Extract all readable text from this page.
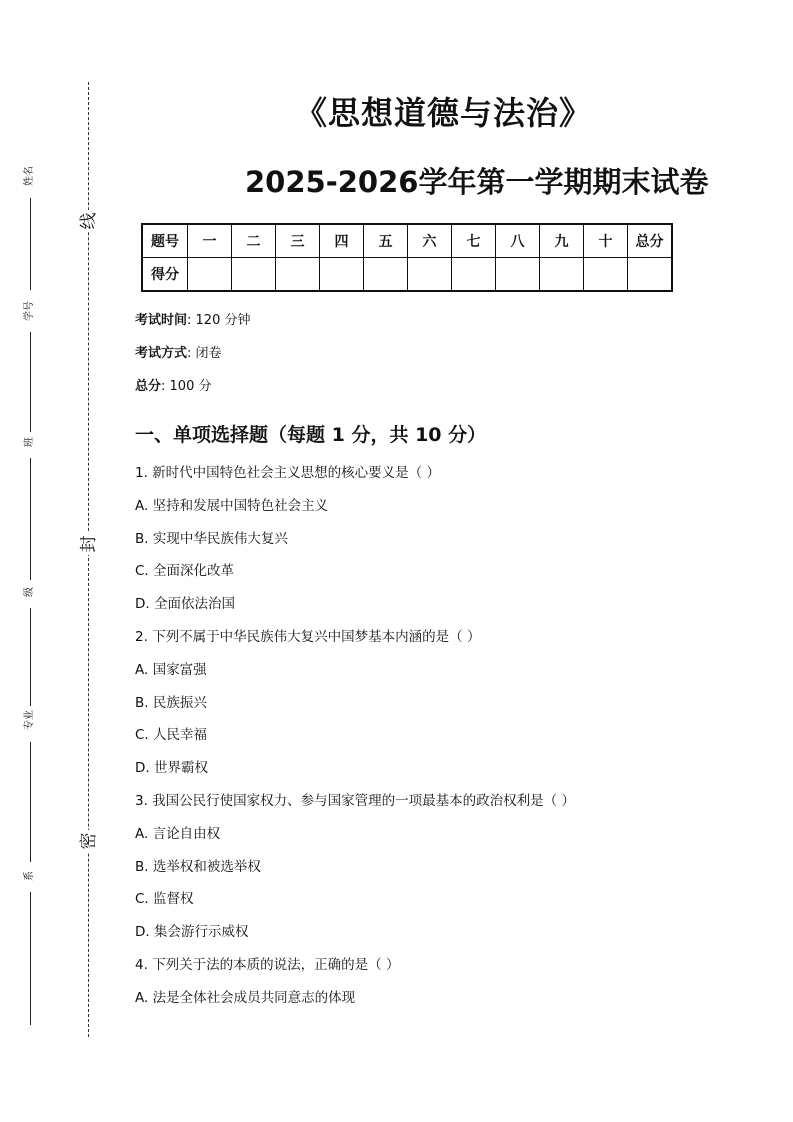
姓名
学号
班
级
专业
系
线
封
密
《思想道德与法治》
2025-2026学年第一学期期末试卷
题号	一	二	三	四	五	六	七	八	九	十	总分
得分											
考试时间: 120 分钟
考试方式: 闭卷
总分: 100 分
一、单项选择题（每题 1 分，共 10 分）
1. 新时代中国特色社会主义思想的核心要义是（ ）
A. 坚持和发展中国特色社会主义
B. 实现中华民族伟大复兴
C. 全面深化改革
D. 全面依法治国
2. 下列不属于中华民族伟大复兴中国梦基本内涵的是（ ）
A. 国家富强
B. 民族振兴
C. 人民幸福
D. 世界霸权
3. 我国公民行使国家权力、参与国家管理的一项最基本的政治权利是（ ）
A. 言论自由权
B. 选举权和被选举权
C. 监督权
D. 集会游行示威权
4. 下列关于法的本质的说法，正确的是（ ）
A. 法是全体社会成员共同意志的体现
